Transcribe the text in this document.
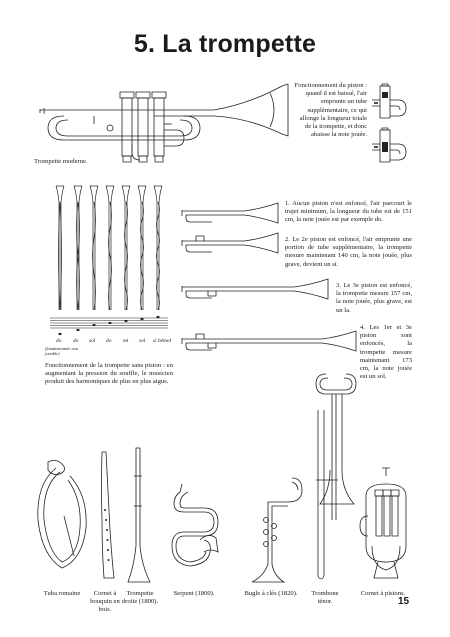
5. La trompette
Trompette moderne.
Fonctionnement du piston : quand il est baissé, l'air emprunte un tube supplémentaire, ce qui allonge la longueur totale de la trompette, et donc abaisse la note jouée.
do do sol do mi sol si bémol
(fondamentale non jouable)
Fonctionnement de la trompette sans piston : en augmentant la pression du souffle, le musicien produit des harmoniques de plus en plus aigus.
1. Aucun piston n'est enfoncé, l'air parcourt le trajet minimum, la longueur du tube est de 151 cm, la note jouée est par exemple do.
2. Le 2e piston est enfoncé, l'air emprunte une portion de tube supplémentaire, la trompette mesure maintenant 140 cm, la note jouée, plus grave, devient un si.
3. Le 3e piston est enfoncé, la trompette mesure 157 cm, la note jouée, plus grave, est un la.
4. Les 1er et 3e piston sont enfoncés, la trompette mesure maintenant 173 cm, la note jouée est un sol.
Tuba romaine	Cornet à bouquin en bois.
Trompette droite (1800).
Serpent (1800).	Bugle à clés (1820).	Trombone ténor.
Cornet à pistons.
15
